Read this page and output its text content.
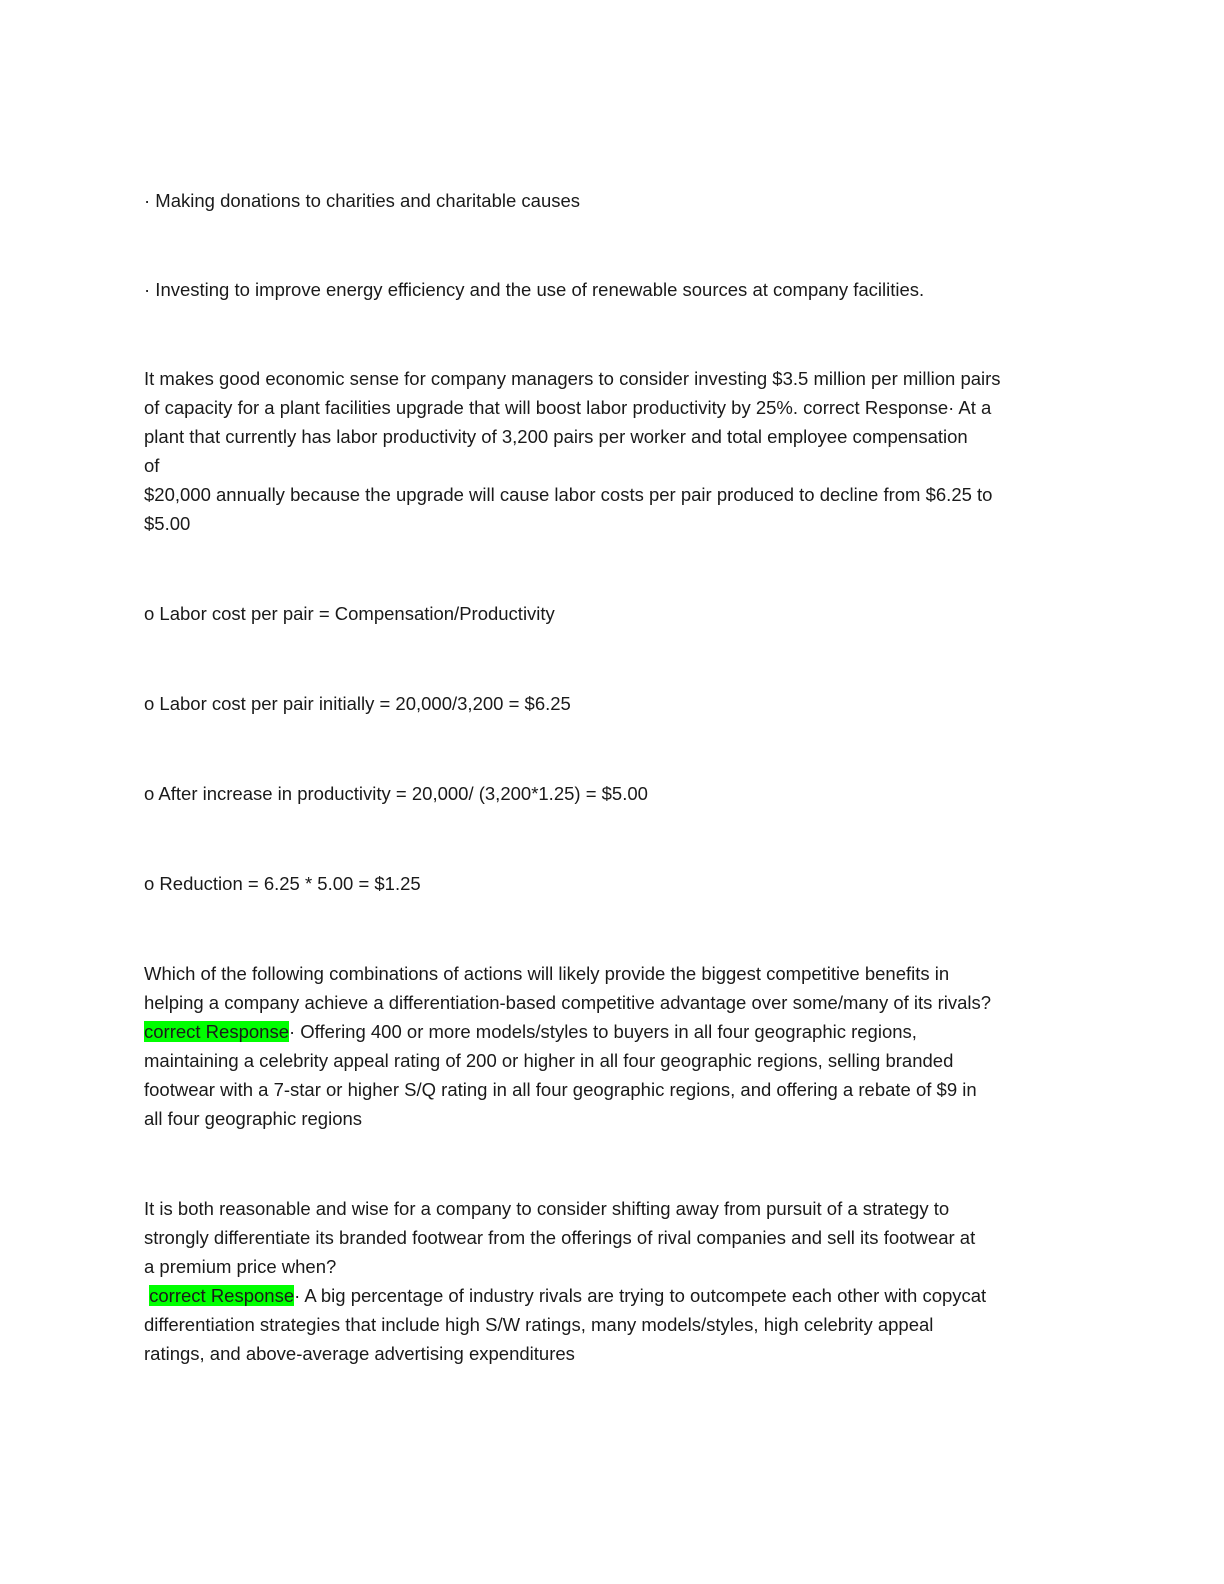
· Making donations to charities and charitable causes

· Investing to improve energy efficiency and the use of renewable sources at company facilities.

It makes good economic sense for company managers to consider investing $3.5 million per million pairs
of capacity for a plant facilities upgrade that will boost labor productivity by 25%. correct Response· At a
plant that currently has labor productivity of 3,200 pairs per worker and total employee compensation
of
$20,000 annually because the upgrade will cause labor costs per pair produced to decline from $6.25 to
$5.00

o Labor cost per pair = Compensation/Productivity

o Labor cost per pair initially = 20,000/3,200 = $6.25

o After increase in productivity = 20,000/ (3,200*1.25) = $5.00

o Reduction = 6.25 * 5.00 = $1.25

Which of the following combinations of actions will likely provide the biggest competitive benefits in
helping a company achieve a differentiation-based competitive advantage over some/many of its rivals?
correct Response· Offering 400 or more models/styles to buyers in all four geographic regions,
maintaining a celebrity appeal rating of 200 or higher in all four geographic regions, selling branded
footwear with a 7-star or higher S/Q rating in all four geographic regions, and offering a rebate of $9 in
all four geographic regions

It is both reasonable and wise for a company to consider shifting away from pursuit of a strategy to
strongly differentiate its branded footwear from the offerings of rival companies and sell its footwear at
a premium price when?
correct Response· A big percentage of industry rivals are trying to outcompete each other with copycat
differentiation strategies that include high S/W ratings, many models/styles, high celebrity appeal
ratings, and above-average advertising expenditures
